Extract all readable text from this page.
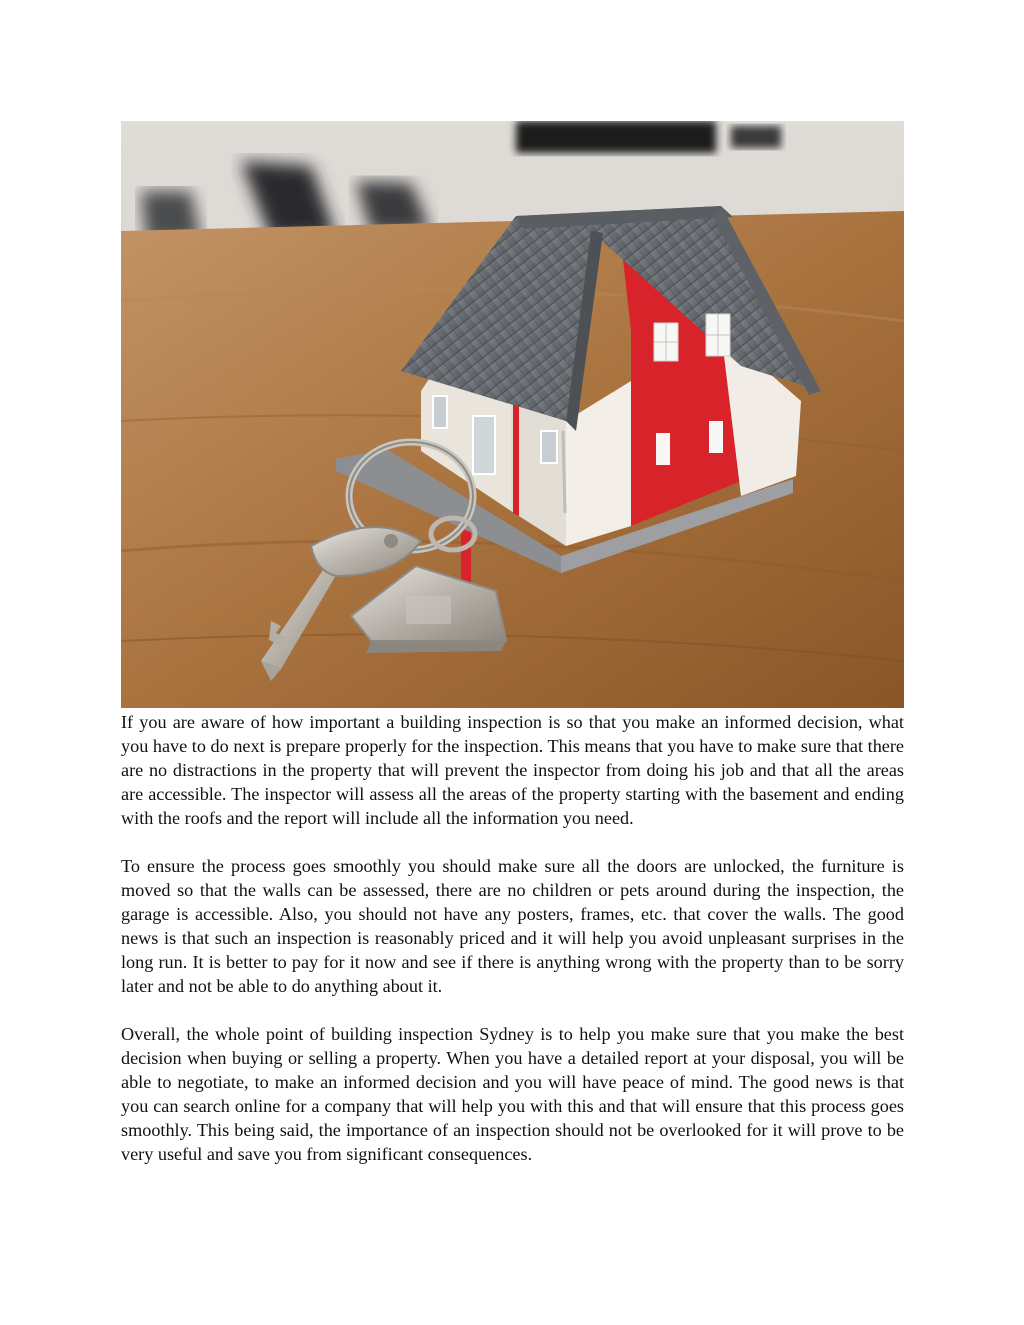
If you are aware of how important a building inspection is so that you make an informed decision, what you have to do next is prepare properly for the inspection. This means that you have to make sure that there are no distractions in the property that will prevent the inspector from doing his job and that all the areas are accessible. The inspector will assess all the areas of the property starting with the basement and ending with the roofs and the report will include all the information you need.

To ensure the process goes smoothly you should make sure all the doors are unlocked, the furniture is moved so that the walls can be assessed, there are no children or pets around during the inspection, the garage is accessible. Also, you should not have any posters, frames, etc. that cover the walls. The good news is that such an inspection is reasonably priced and it will help you avoid unpleasant surprises in the long run. It is better to pay for it now and see if there is anything wrong with the property than to be sorry later and not be able to do anything about it.

Overall, the whole point of building inspection Sydney is to help you make sure that you make the best decision when buying or selling a property. When you have a detailed report at your disposal, you will be able to negotiate, to make an informed decision and you will have peace of mind. The good news is that you can search online for a company that will help you with this and that will ensure that this process goes smoothly. This being said, the importance of an inspection should not be overlooked for it will prove to be very useful and save you from significant consequences.
